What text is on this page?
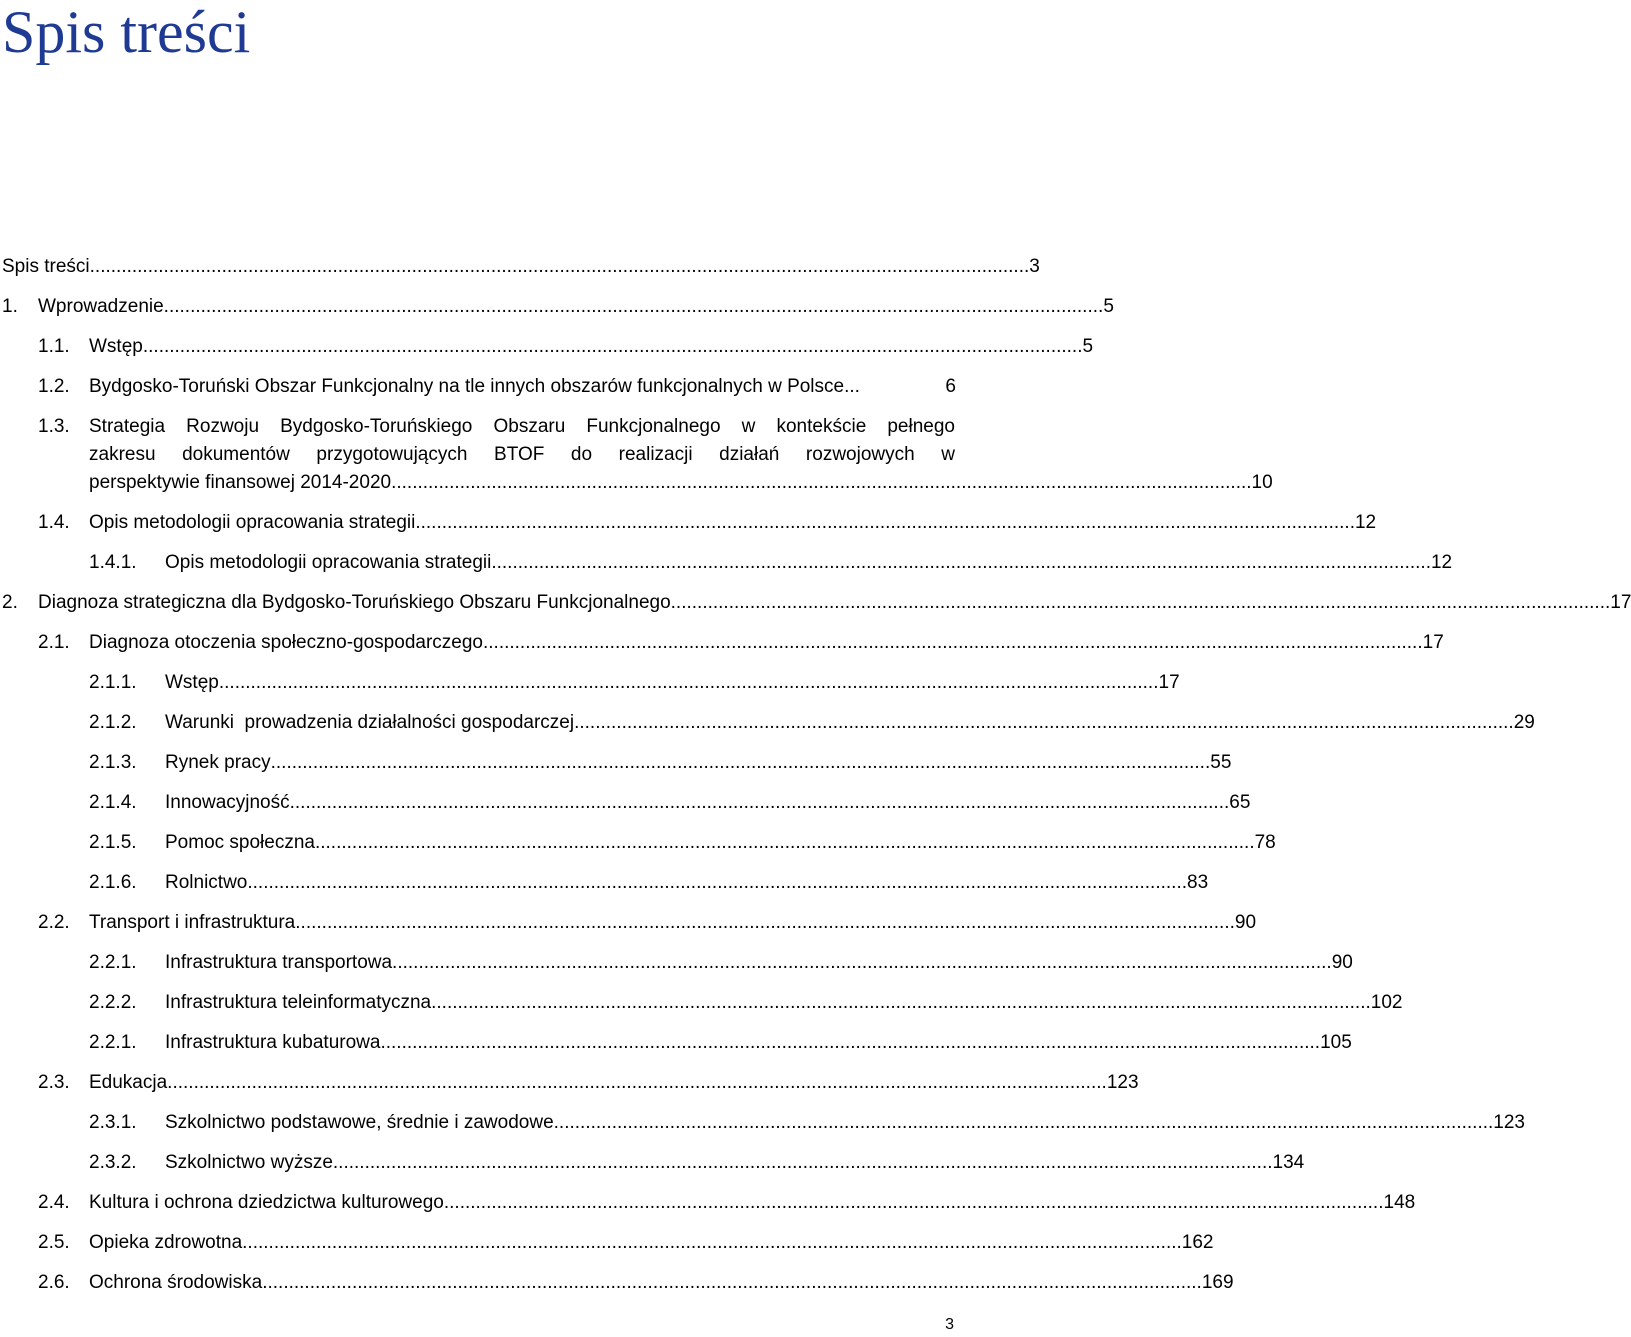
Spis treści
Spis treści .................................................................................................................................................................................. 3
1. Wprowadzenie .................................................................................................................................................................................. 5
1.1. Wstęp .................................................................................................................................................................................. 5
1.2. Bydgosko-Toruński Obszar Funkcjonalny na tle innych obszarów funkcjonalnych w Polsce. ..	6
1.3. Strategia Rozwoju Bydgosko-Toruńskiego Obszaru Funkcjonalnego w kontekście pełnego
zakresu dokumentów przygotowujących BTOF do realizacji działań rozwojowych w
perspektywie finansowej 2014-2020. .................................................................................................................................................................. 10
1.4. Opis metodologii opracowania strategii .................................................................................................................................................................................. 12
1.4.1. Opis metodologii opracowania strategii .................................................................................................................................................................................. 12
2. Diagnoza strategiczna dla Bydgosko-Toruńskiego Obszaru Funkcjonalnego .................................................................................................................................................................................. 17
2.1. Diagnoza otoczenia społeczno-gospodarczego .................................................................................................................................................................................. 17
2.1.1. Wstęp .................................................................................................................................................................................. 17
2.1.2. Warunki  prowadzenia działalności gospodarczej .................................................................................................................................................................................. 29
2.1.3. Rynek pracy .................................................................................................................................................................................. 55
2.1.4. Innowacyjność .................................................................................................................................................................................. 65
2.1.5. Pomoc społeczna .................................................................................................................................................................................. 78
2.1.6. Rolnictwo .................................................................................................................................................................................. 83
2.2. Transport i infrastruktura .................................................................................................................................................................................. 90
2.2.1. Infrastruktura transportowa .................................................................................................................................................................................. 90
2.2.2. Infrastruktura teleinformatyczna .................................................................................................................................................................................. 102
2.2.1. Infrastruktura kubaturowa .................................................................................................................................................................................. 105
2.3. Edukacja .................................................................................................................................................................................. 123
2.3.1. Szkolnictwo podstawowe, średnie i zawodowe .................................................................................................................................................................................. 123
2.3.2. Szkolnictwo wyższe .................................................................................................................................................................................. 134
2.4. Kultura i ochrona dziedzictwa kulturowego .................................................................................................................................................................................. 148
2.5. Opieka zdrowotna .................................................................................................................................................................................. 162
2.6. Ochrona środowiska .................................................................................................................................................................................. 169
3
